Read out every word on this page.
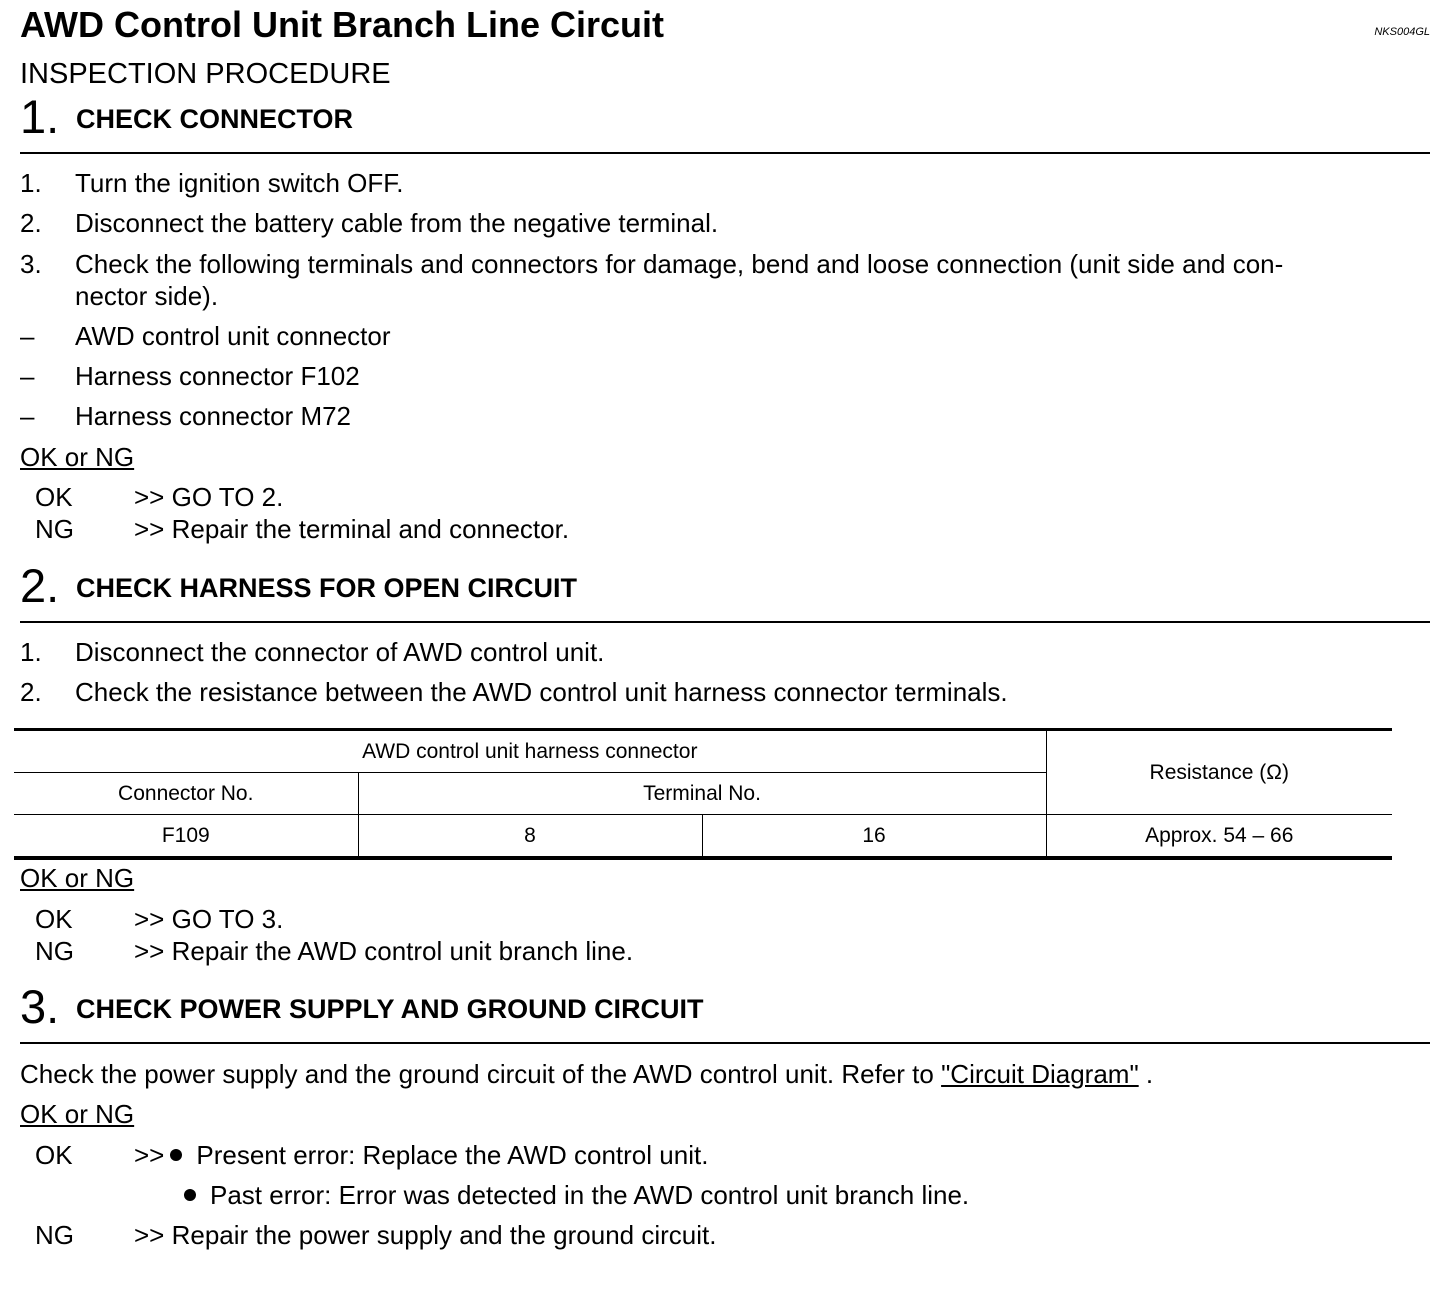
AWD Control Unit Branch Line Circuit	NKS004GL
INSPECTION PROCEDURE
1. CHECK CONNECTOR
1. Turn the ignition switch OFF.
2. Disconnect the battery cable from the negative terminal.
3. Check the following terminals and connectors for damage, bend and loose connection (unit side and con-
nector side).
– AWD control unit connector
– Harness connector F102
– Harness connector M72
OK or NG
OK >> GO TO 2.
NG >> Repair the terminal and connector.
2. CHECK HARNESS FOR OPEN CIRCUIT
1. Disconnect the connector of AWD control unit.
2. Check the resistance between the AWD control unit harness connector terminals.
AWD control unit harness connector			Resistance (Ω)
Connector No.	Terminal No.		
F109	8	16	Approx. 54 – 66
OK or NG
OK >> GO TO 3.
NG >> Repair the AWD control unit branch line.
3. CHECK POWER SUPPLY AND GROUND CIRCUIT
Check the power supply and the ground circuit of the AWD control unit. Refer to "Circuit Diagram" .
OK or NG
OK >> Present error: Replace the AWD control unit.
Past error: Error was detected in the AWD control unit branch line.
NG >> Repair the power supply and the ground circuit.
